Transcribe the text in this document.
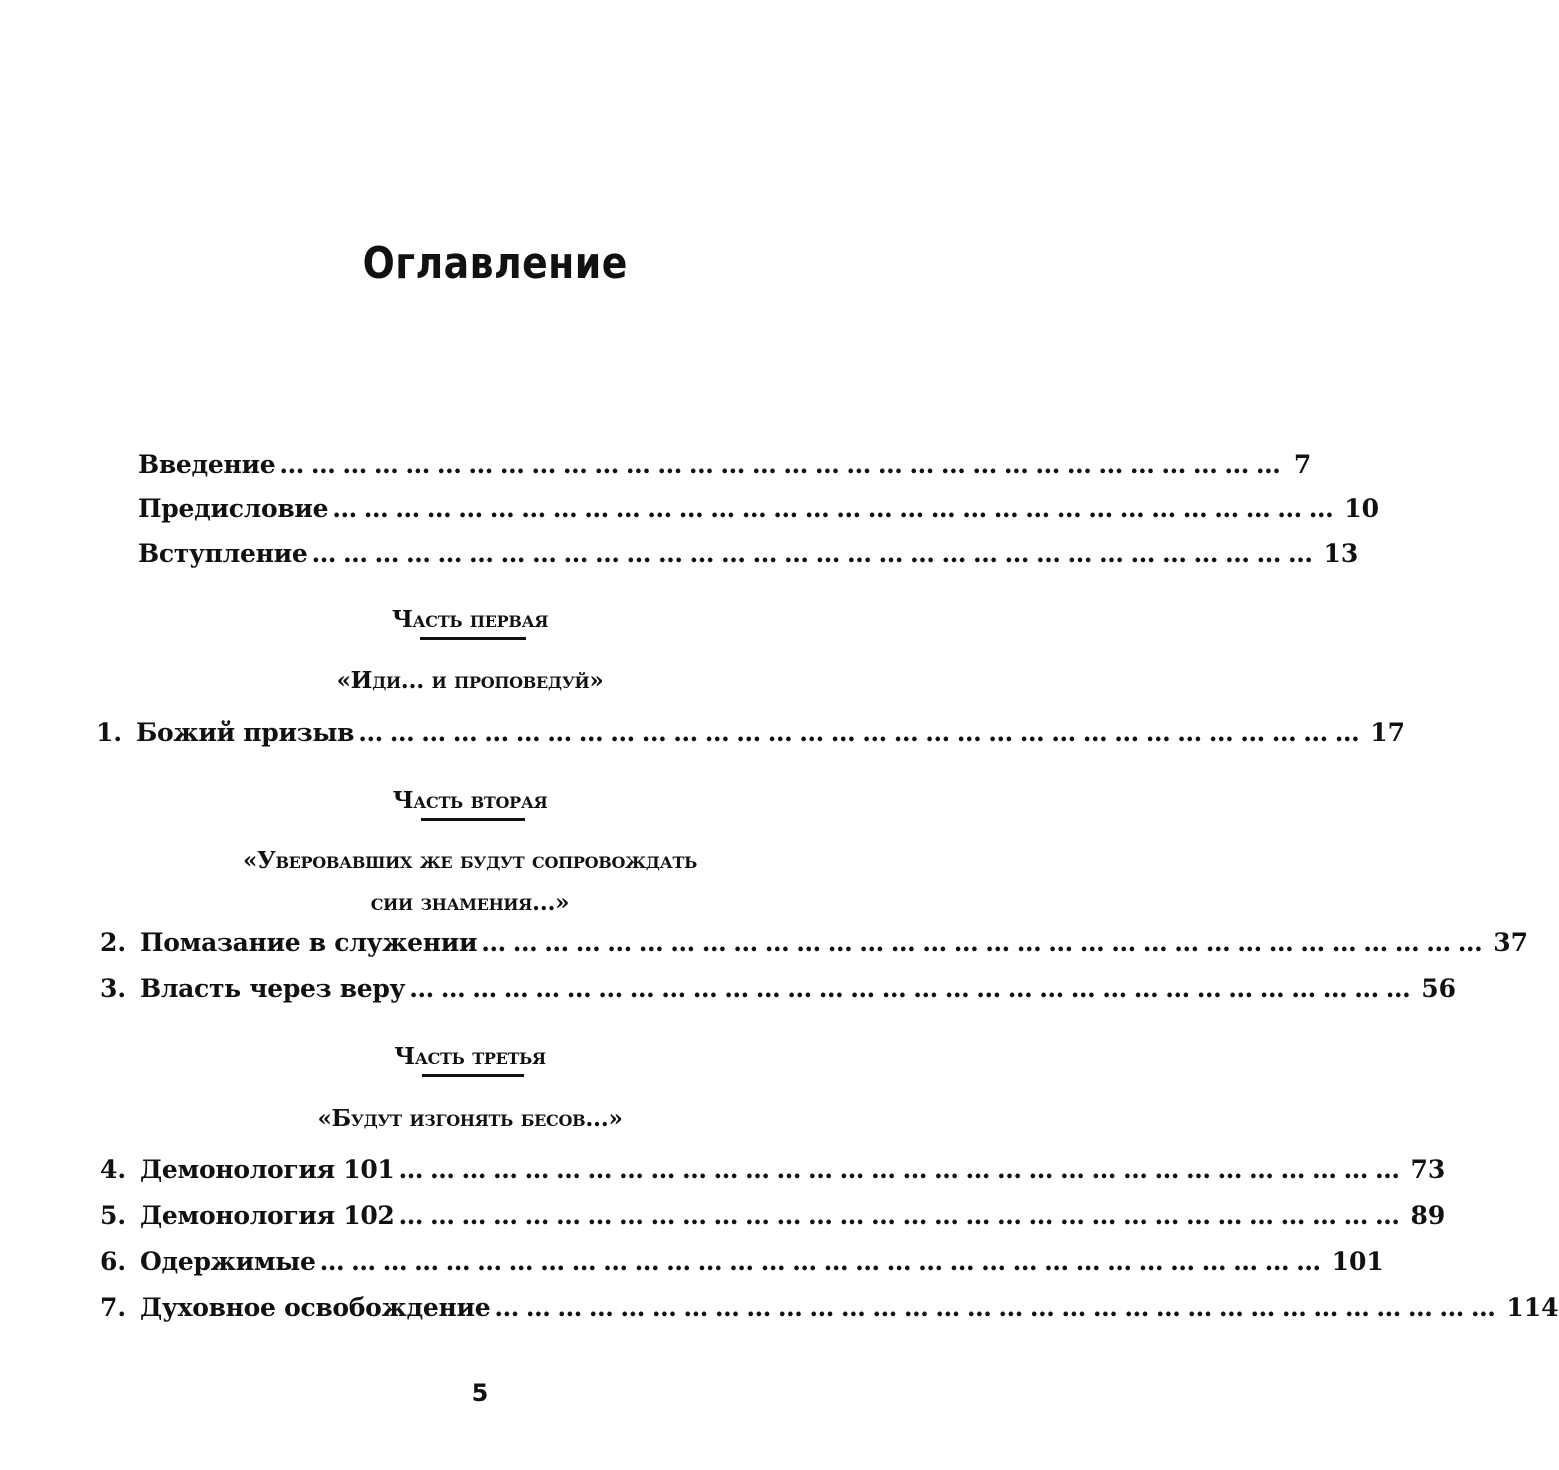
Оглавление
Введение …………………………………………………………………………………… 7
Предисловие …………………………………………………………………………………… 10
Вступление …………………………………………………………………………………… 13
Часть первая
«Иди... и проповедуй»
1. Божий призыв …………………………………………………………………………………… 17
Часть вторая
«Уверовавших же будут сопровождать
сии знамения...»
2. Помазание в служении …………………………………………………………………………………… 37
3. Власть через веру …………………………………………………………………………………… 56
Часть третья
«Будут изгонять бесов...»
4. Демонология 101 …………………………………………………………………………………… 73
5. Демонология 102 …………………………………………………………………………………… 89
6. Одержимые …………………………………………………………………………………… 101
7. Духовное освобождение …………………………………………………………………………………… 114
5
